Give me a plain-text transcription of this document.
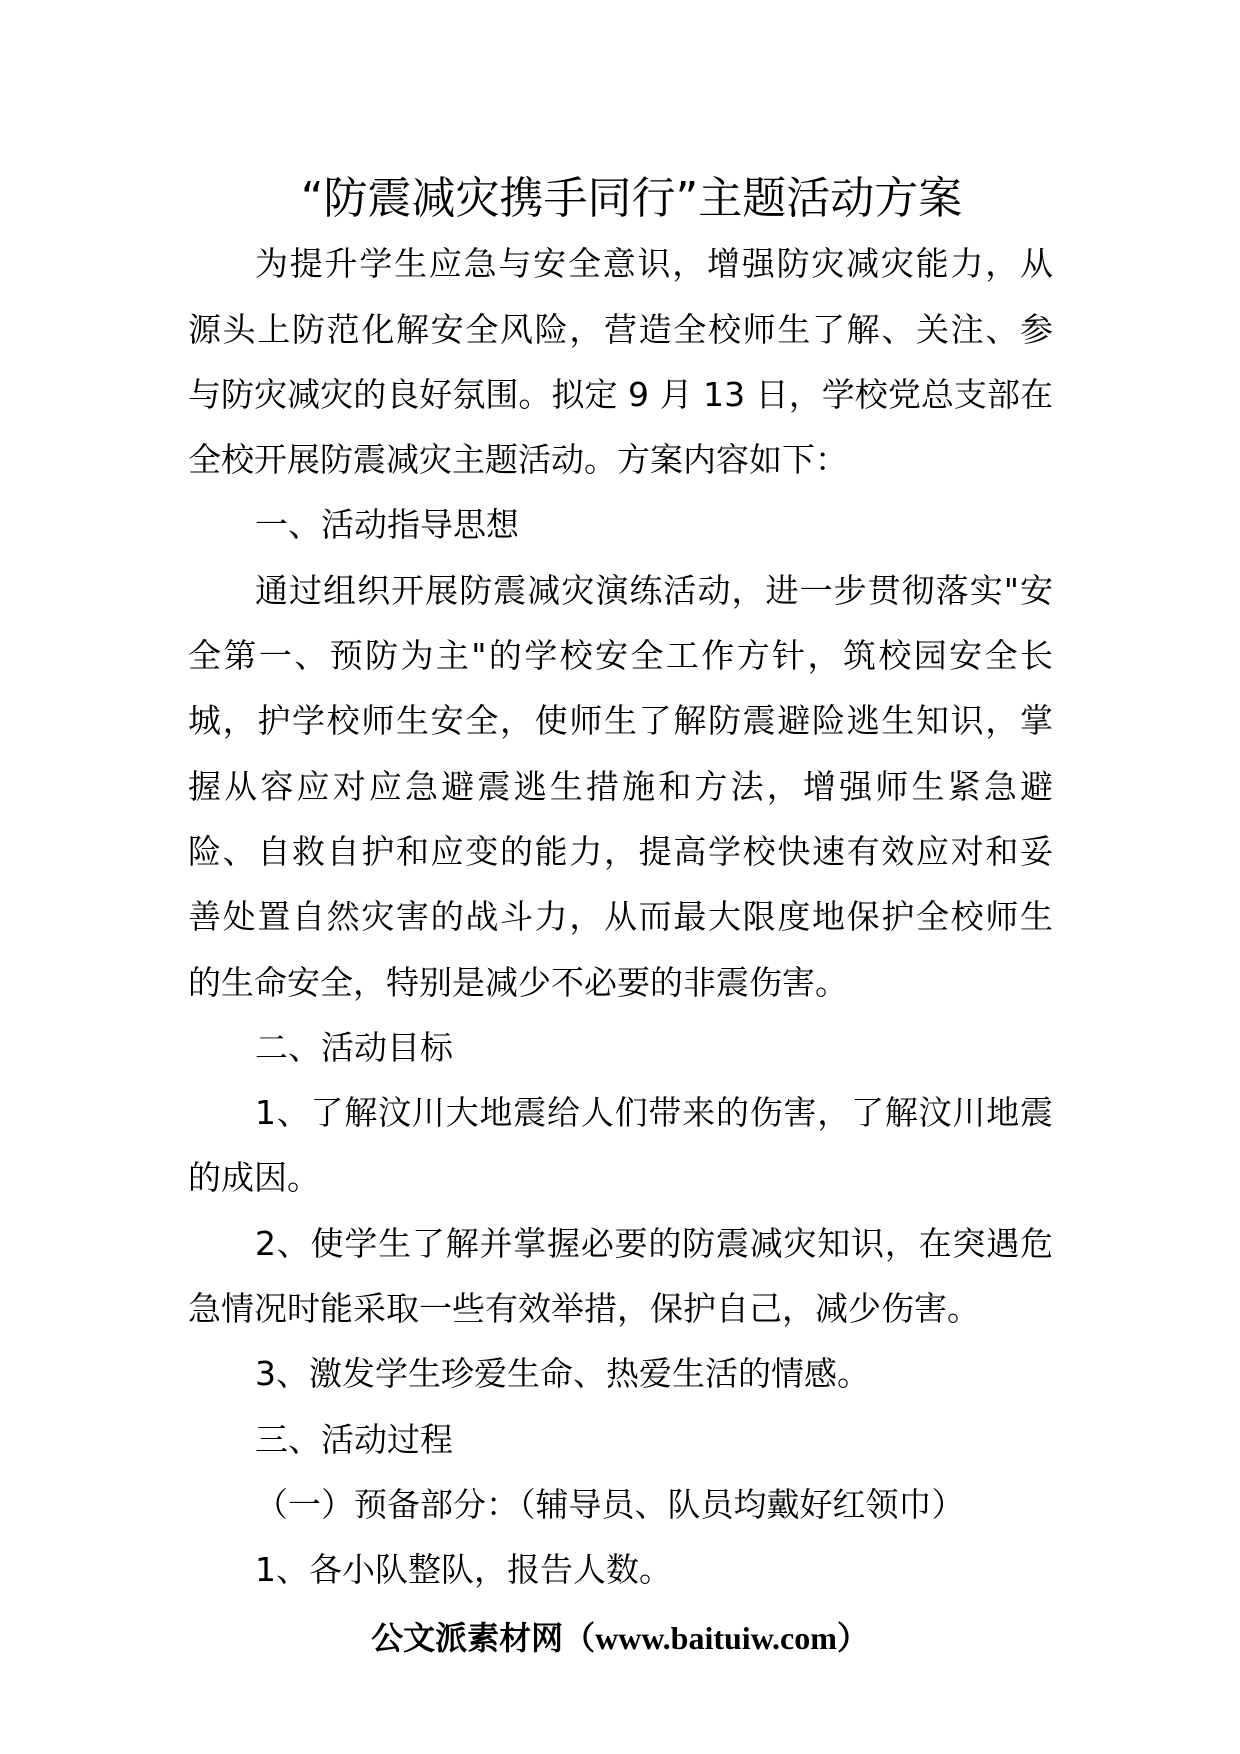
“防震减灾携手同行”主题活动方案
为提升学生应急与安全意识，增强防灾减灾能力，从
源头上防范化解安全风险，营造全校师生了解、关注、参
与防灾减灾的良好氛围。拟定 9 月 13 日，学校党总支部在
全校开展防震减灾主题活动。方案内容如下：
一、活动指导思想
通过组织开展防震减灾演练活动，进一步贯彻落实"安
全第一、预防为主"的学校安全工作方针，筑校园安全长
城，护学校师生安全，使师生了解防震避险逃生知识，掌
握从容应对应急避震逃生措施和方法，增强师生紧急避
险、自救自护和应变的能力，提高学校快速有效应对和妥
善处置自然灾害的战斗力，从而最大限度地保护全校师生
的生命安全，特别是减少不必要的非震伤害。
二、活动目标
1、了解汶川大地震给人们带来的伤害，了解汶川地震
的成因。
2、使学生了解并掌握必要的防震减灾知识，在突遇危
急情况时能采取一些有效举措，保护自己，减少伤害。
3、激发学生珍爱生命、热爱生活的情感。
三、活动过程
（一）预备部分：（辅导员、队员均戴好红领巾）
1、各小队整队，报告人数。
公文派素材网（www.baituiw.com）
